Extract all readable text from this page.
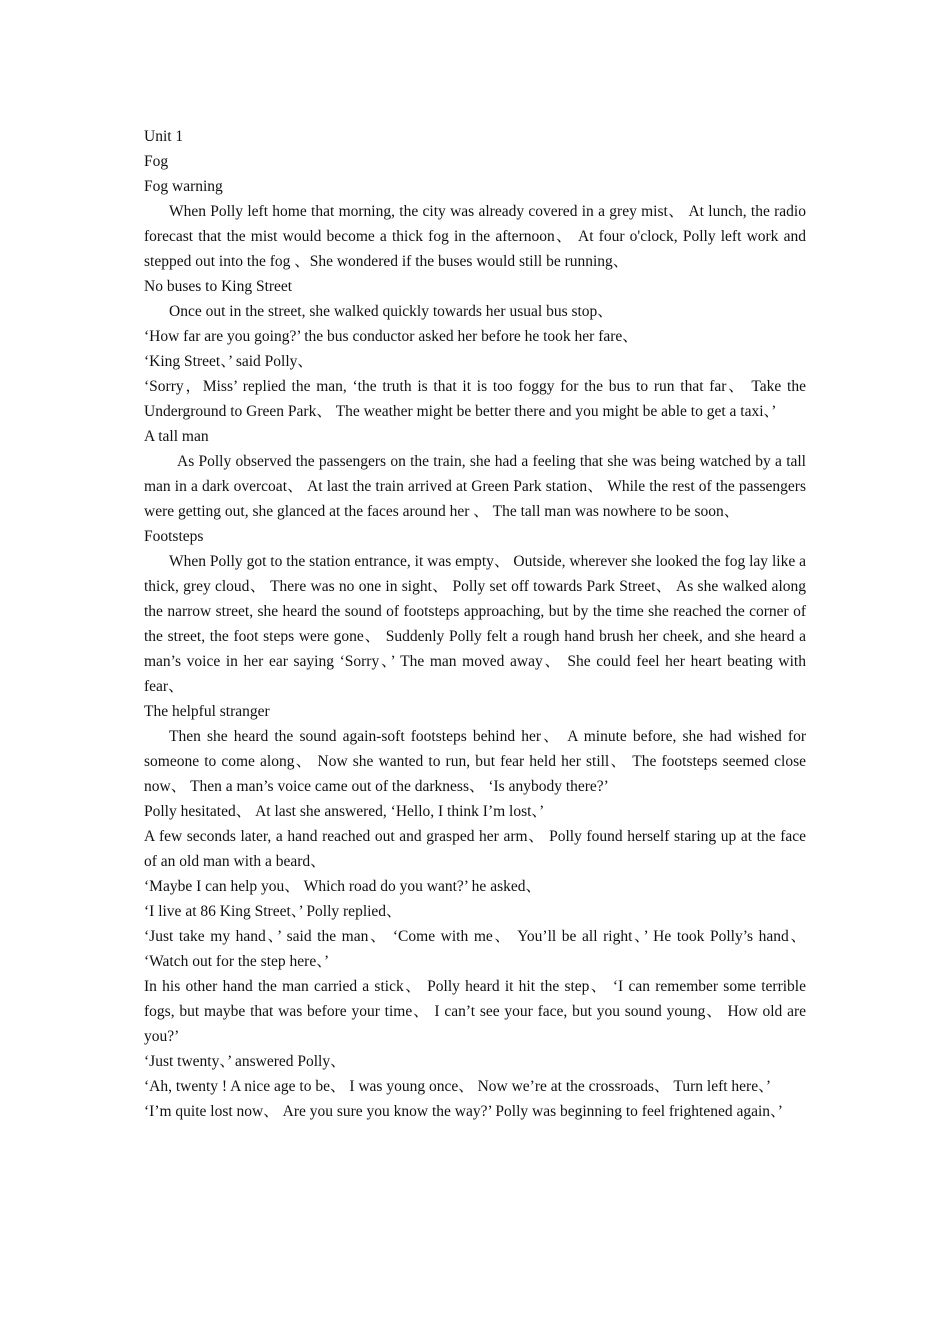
Unit 1

Fog

Fog warning

When Polly left home that morning, the city was already covered in a grey mist、 At lunch, the radio forecast that the mist would become a thick fog in the afternoon、 At four o'clock, Polly left work and stepped out into the fog 、She wondered if the buses would still be running、

No buses to King Street

Once out in the street, she walked quickly towards her usual bus stop、

‘How far are you going?’ the bus conductor asked her before he took her fare、

‘King Street、’ said Polly、

‘Sorry，Miss’ replied the man, ‘the truth is that it is too foggy for the bus to run that far、 Take the Underground to Green Park、 The weather might be better there and you might be able to get a taxi、’

A tall man

As Polly observed the passengers on the train, she had a feeling that she was being watched by a tall man in a dark overcoat、 At last the train arrived at Green Park station、 While the rest of the passengers were getting out, she glanced at the faces around her 、 The tall man was nowhere to be soon、

Footsteps

When Polly got to the station entrance, it was empty、 Outside, wherever she looked the fog lay like a thick, grey cloud、 There was no one in sight、 Polly set off towards Park Street、 As she walked along the narrow street, she heard the sound of footsteps approaching, but by the time she reached the corner of the street, the foot steps were gone、 Suddenly Polly felt a rough hand brush her cheek, and she heard a man’s voice in her ear saying ‘Sorry、’ The man moved away、 She could feel her heart beating with fear、

The helpful stranger

Then she heard the sound again-soft footsteps behind her、 A minute before, she had wished for someone to come along、 Now she wanted to run, but fear held her still、 The footsteps seemed close now、 Then a man’s voice came out of the darkness、 ‘Is anybody there?’

Polly hesitated、 At last she answered, ‘Hello, I think I’m lost、’

A few seconds later, a hand reached out and grasped her arm、 Polly found herself staring up at the face of an old man with a beard、

‘Maybe I can help you、 Which road do you want?’ he asked、

‘I live at 86 King Street、’ Polly replied、

‘Just take my hand、’ said the man、 ‘Come with me、 You’ll be all right、’ He took Polly’s hand、 ‘Watch out for the step here、’

In his other hand the man carried a stick、 Polly heard it hit the step、 ‘I can remember some terrible fogs, but maybe that was before your time、 I can’t see your face, but you sound young、 How old are you?’

‘Just twenty、’ answered Polly、

‘Ah, twenty ! A nice age to be、 I was young once、 Now we’re at the crossroads、 Turn left here、’

‘I’m quite lost now、 Are you sure you know the way?’ Polly was beginning to feel frightened again、’
